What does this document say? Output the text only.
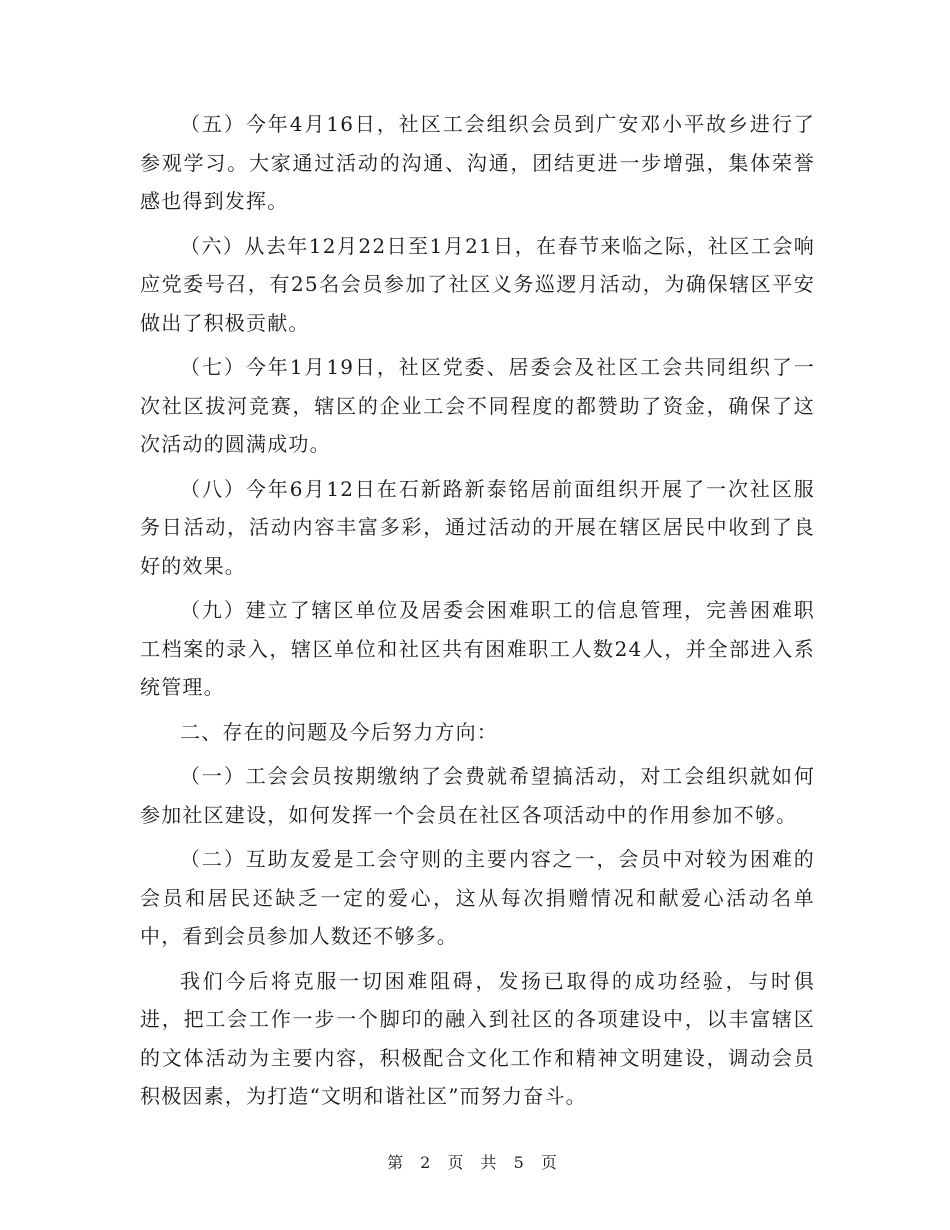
（五）今年4月16日，社区工会组织会员到广安邓小平故乡进行了参观学习。大家通过活动的沟通、沟通，团结更进一步增强，集体荣誉感也得到发挥。

（六）从去年12月22日至1月21日，在春节来临之际，社区工会响应党委号召，有25名会员参加了社区义务巡逻月活动，为确保辖区平安做出了积极贡献。

（七）今年1月19日，社区党委、居委会及社区工会共同组织了一次社区拔河竞赛，辖区的企业工会不同程度的都赞助了资金，确保了这次活动的圆满成功。

（八）今年6月12日在石新路新泰铭居前面组织开展了一次社区服务日活动，活动内容丰富多彩，通过活动的开展在辖区居民中收到了良好的效果。

（九）建立了辖区单位及居委会困难职工的信息管理，完善困难职工档案的录入，辖区单位和社区共有困难职工人数24人，并全部进入系统管理。

二、存在的问题及今后努力方向：

（一）工会会员按期缴纳了会费就希望搞活动，对工会组织就如何参加社区建设，如何发挥一个会员在社区各项活动中的作用参加不够。

（二）互助友爱是工会守则的主要内容之一，会员中对较为困难的会员和居民还缺乏一定的爱心，这从每次捐赠情况和献爱心活动名单中，看到会员参加人数还不够多。

我们今后将克服一切困难阻碍，发扬已取得的成功经验，与时俱进，把工会工作一步一个脚印的融入到社区的各项建设中，以丰富辖区的文体活动为主要内容，积极配合文化工作和精神文明建设，调动会员积极因素，为打造“文明和谐社区”而努力奋斗。

第 2 页 共 5 页
